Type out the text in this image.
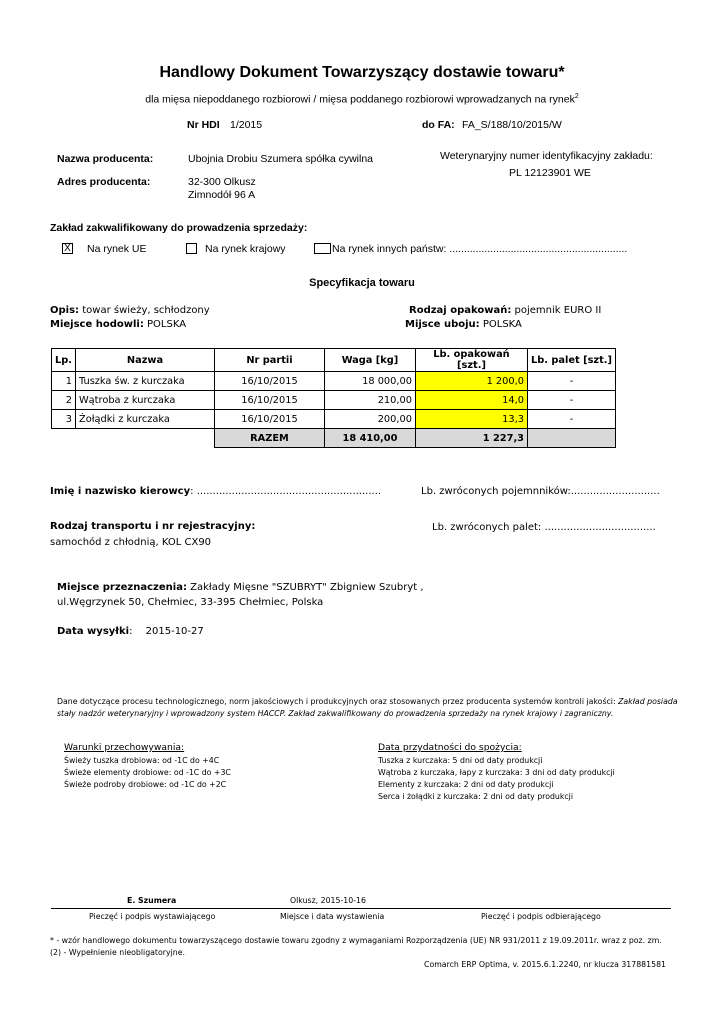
Handlowy Dokument Towarzyszący dostawie towaru*
dla mięsa niepoddanego rozbiorowi / mięsa poddanego rozbiorowi wprowadzanych na rynek$^2$
Nr HDI 1/2015	do FA: FA_S/188/10/2015/W
Nazwa producenta:	Ubojnia Drobiu Szumera spółka cywilna
Adres producenta:	32-300 Olkusz
Zimnodół 96 A
Weterynaryjny numer identyfikacyjny zakładu:
PL 12123901 WE
Zakład zakwalifikowany do prowadzenia sprzedaży:
X Na rynek UE	Na rynek krajowy	Na rynek innych państw: .............................................................
Specyfikacja towaru
Opis: towar świeży, schłodzony
Miejsce hodowli: POLSKA
Rodzaj opakowań: pojemnik EURO II
Mijsce uboju: POLSKA
Lp.	Nazwa	Nr partii	Waga [kg]	Lb. opakowań [szt.]	Lb. palet [szt.]
1	Tuszka św. z kurczaka	16/10/2015	18 000,00	1 200,0	-
2	Wątroba z kurczaka	16/10/2015	210,00	14,0	-
3	Żołądki z kurczaka	16/10/2015	200,00	13,3	-
		RAZEM	18 410,00	1 227,3	
Imię i nazwisko kierowcy: ..........................................................	Lb. zwróconych pojemnników:............................
Rodzaj transportu i nr rejestracyjny:
samochód z chłodnią, KOL CX90
Lb. zwróconych palet: ...................................
Miejsce przeznaczenia: Zakłady Mięsne "SZUBRYT" Zbigniew Szubryt ,
ul.Węgrzynek 50, Chełmiec, 33-395 Chełmiec, Polska
Data wysyłki: 2015-10-27
Dane dotyczące procesu technologicznego, norm jakościowych i produkcyjnych oraz stosowanych przez producenta systemów kontroli jakości: Zakład posiada
stały nadzór weterynaryjny i wprowadzony system HACCP. Zakład zakwalifikowany do prowadzenia sprzedaży na rynek krajowy i zagraniczny.
Warunki przechowywania:
Świeży tuszka drobiowa: od -1C do +4C
Świeże elementy drobiowe: od -1C do +3C
Świeże podroby drobiowe: od -1C do +2C
Data przydatności do spożycia:
Tuszka z kurczaka: 5 dni od daty produkcji
Wątroba z kurczaka, łapy z kurczaka: 3 dni od daty produkcji
Elementy z kurczaka: 2 dni od daty produkcji
Serca i żołądki z kurczaka: 2 dni od daty produkcji
E. Szumera	Olkusz, 2015-10-16
Pieczęć i podpis wystawiającego	Miejsce i data wystawienia	Pieczęć i podpis odbierającego
* - wzór handlowego dokumentu towarzyszącego dostawie towaru zgodny z wymaganiami Rozporządzenia (UE) NR 931/2011 z 19.09.2011r. wraz z poz. zm.
(2) - Wypełnienie nieobligatoryjne.
Comarch ERP Optima, v. 2015.6.1.2240, nr klucza 317881581
